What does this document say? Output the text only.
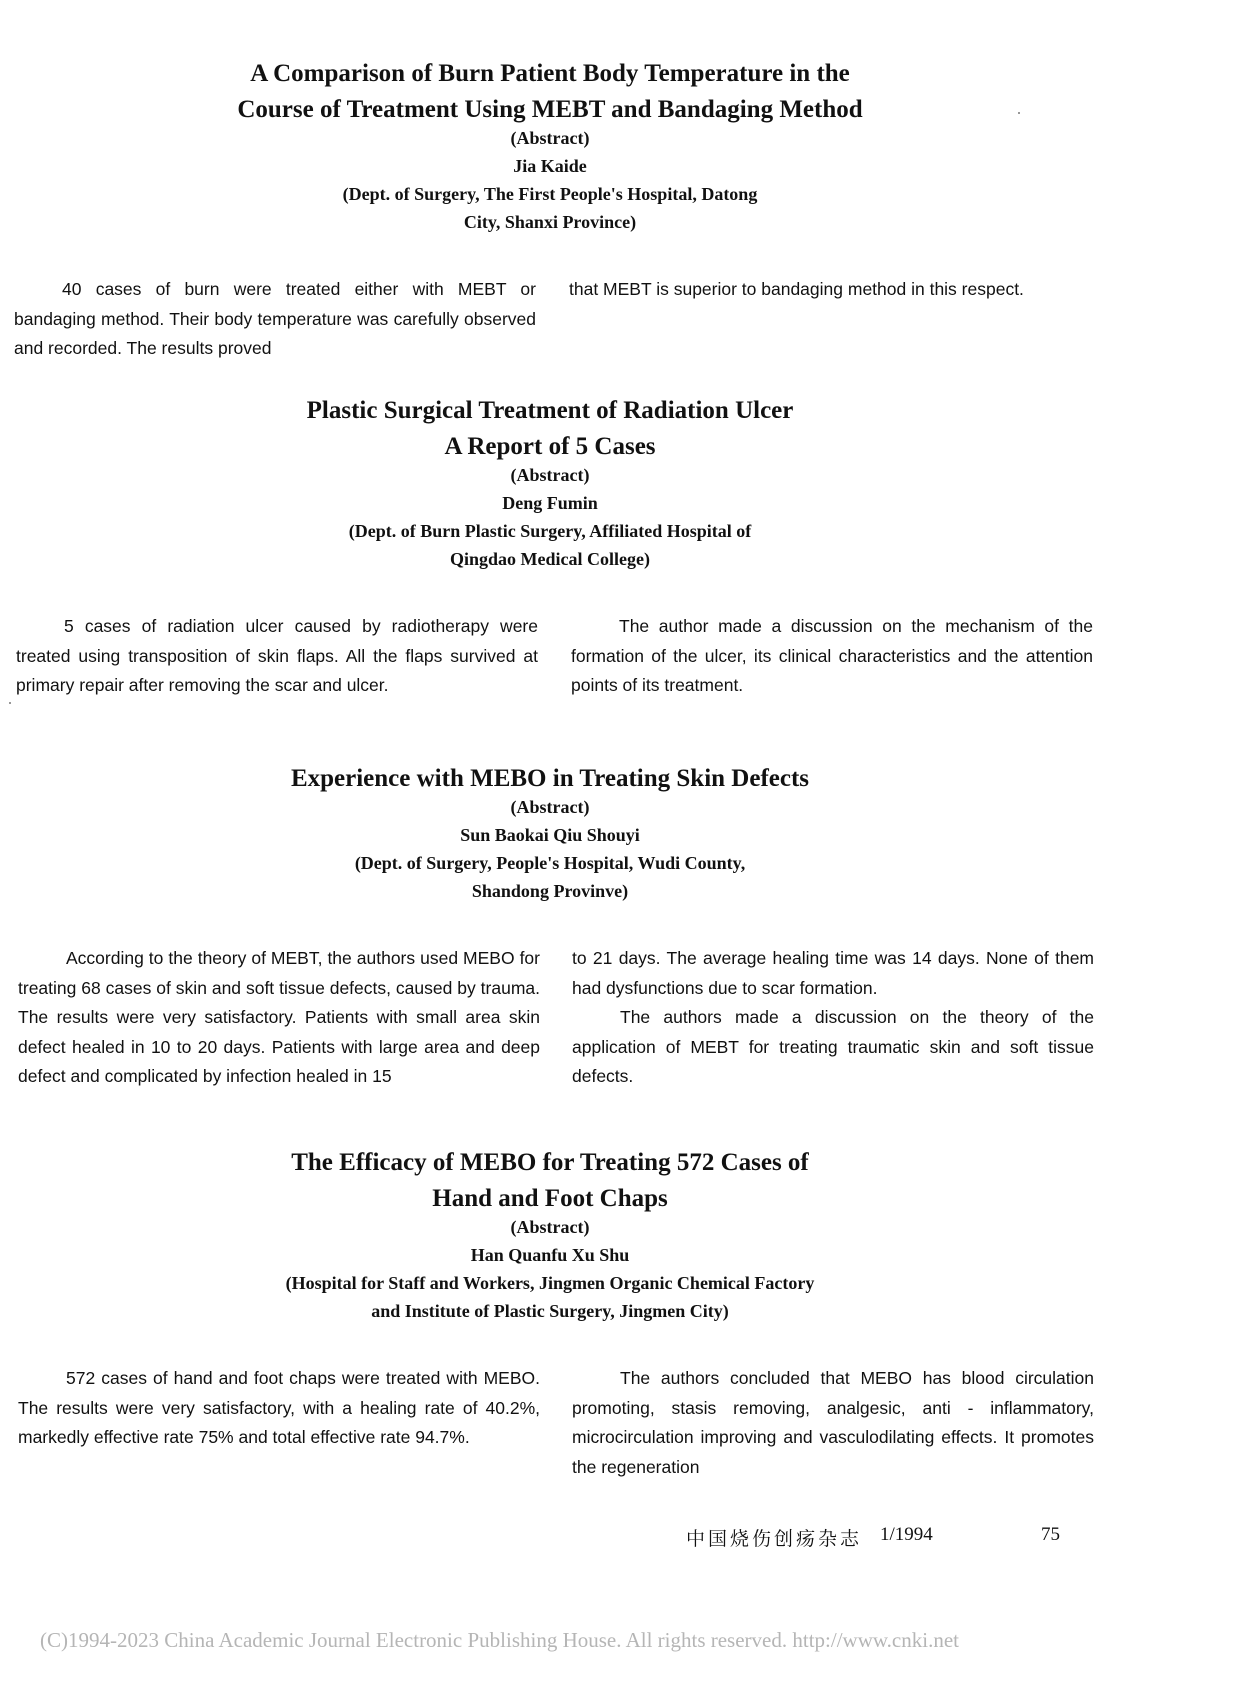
A Comparison of Burn Patient Body Temperature in the
Course of Treatment Using MEBT and Bandaging Method
(Abstract)
Jia Kaide
(Dept. of Surgery, The First People's Hospital, Datong
City, Shanxi Province)

40 cases of burn were treated either with MEBT or bandaging method. Their body temperature was carefully observed and recorded. The results proved

that MEBT is superior to bandaging method in this respect.

Plastic Surgical Treatment of Radiation Ulcer
A Report of 5 Cases
(Abstract)
Deng Fumin
(Dept. of Burn Plastic Surgery, Affiliated Hospital of
Qingdao Medical College)

5 cases of radiation ulcer caused by radiotherapy were treated using transposition of skin flaps. All the flaps survived at primary repair after removing the scar and ulcer.

The author made a discussion on the mechanism of the formation of the ulcer, its clinical characteristics and the attention points of its treatment.

Experience with MEBO in Treating Skin Defects
(Abstract)
Sun Baokai Qiu Shouyi
(Dept. of Surgery, People's Hospital, Wudi County,
Shandong Provinve)

According to the theory of MEBT, the authors used MEBO for treating 68 cases of skin and soft tissue defects, caused by trauma. The results were very satisfactory. Patients with small area skin defect healed in 10 to 20 days. Patients with large area and deep defect and complicated by infection healed in 15

to 21 days. The average healing time was 14 days. None of them had dysfunctions due to scar formation.

The authors made a discussion on the theory of the application of MEBT for treating traumatic skin and soft tissue defects.

The Efficacy of MEBO for Treating 572 Cases of
Hand and Foot Chaps
(Abstract)
Han Quanfu Xu Shu
(Hospital for Staff and Workers, Jingmen Organic Chemical Factory
and Institute of Plastic Surgery, Jingmen City)

572 cases of hand and foot chaps were treated with MEBO. The results were very satisfactory, with a healing rate of 40.2%, markedly effective rate 75% and total effective rate 94.7%.

The authors concluded that MEBO has blood circulation promoting, stasis removing, analgesic, anti - inflammatory, microcirculation improving and vasculodilating effects. It promotes the regeneration

中国烧伤创疡杂志 1/1994	75
(C)1994-2023 China Academic Journal Electronic Publishing House. All rights reserved. http://www.cnki.net
